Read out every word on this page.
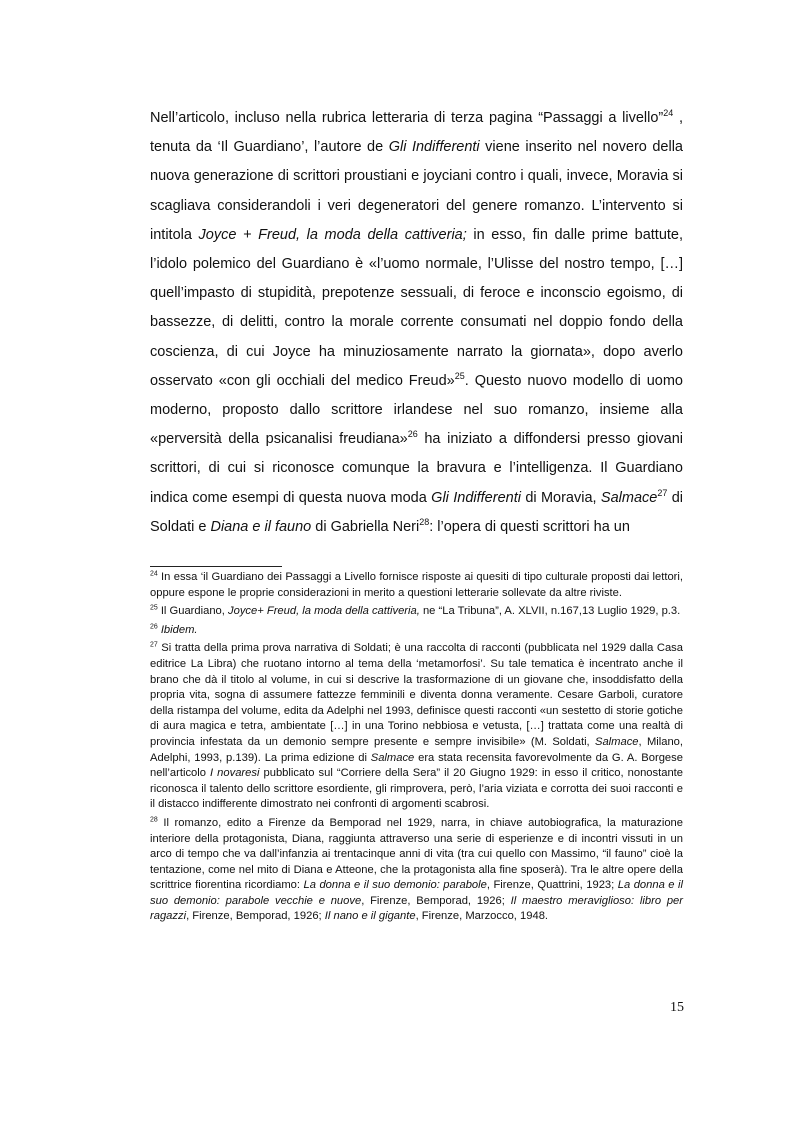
Nell’articolo, incluso nella rubrica letteraria di terza pagina “Passaggi a livello”$^{24}$ , tenuta da ‘Il Guardiano’, l’autore de Gli Indifferenti viene inserito nel novero della nuova generazione di scrittori proustiani e joyciani contro i quali, invece, Moravia si scagliava considerandoli i veri degeneratori del genere romanzo. L’intervento si intitola Joyce + Freud, la moda della cattiveria; in esso, fin dalle prime battute, l’idolo polemico del Guardiano è «l’uomo normale, l’Ulisse del nostro tempo, […] quell’impasto di stupidità, prepotenze sessuali, di feroce e inconscio egoismo, di bassezze, di delitti, contro la morale corrente consumati nel doppio fondo della coscienza, di cui Joyce ha minuziosamente narrato la giornata», dopo averlo osservato «con gli occhiali del medico Freud»$^{25}$. Questo nuovo modello di uomo moderno, proposto dallo scrittore irlandese nel suo romanzo, insieme alla «perversità della psicanalisi freudiana»$^{26}$ ha iniziato a diffondersi presso giovani scrittori, di cui si riconosce comunque la bravura e l’intelligenza. Il Guardiano indica come esempi di questa nuova moda Gli Indifferenti di Moravia, Salmace$^{27}$ di Soldati e Diana e il fauno di Gabriella Neri$^{28}$: l’opera di questi scrittori ha un

$^{24}$ In essa ‘il Guardiano dei Passaggi a Livello fornisce risposte ai quesiti di tipo culturale proposti dai lettori, oppure espone le proprie considerazioni in merito a questioni letterarie sollevate da altre riviste.

$^{25}$ Il Guardiano, Joyce+ Freud, la moda della cattiveria, ne “La Tribuna”, A. XLVII, n.167,13 Luglio 1929, p.3.

$^{26}$ Ibidem.

$^{27}$ Si tratta della prima prova narrativa di Soldati; è una raccolta di racconti (pubblicata nel 1929 dalla Casa editrice La Libra) che ruotano intorno al tema della ‘metamorfosi’. Su tale tematica è incentrato anche il brano che dà il titolo al volume, in cui si descrive la trasformazione di un giovane che, insoddisfatto della propria vita, sogna di assumere fattezze femminili e diventa donna veramente. Cesare Garboli, curatore della ristampa del volume, edita da Adelphi nel 1993, definisce questi racconti «un sestetto di storie gotiche di aura magica e tetra, ambientate […] in una Torino nebbiosa e vetusta, […] trattata come una realtà di provincia infestata da un demonio sempre presente e sempre invisibile» (M. Soldati, Salmace, Milano, Adelphi, 1993, p.139). La prima edizione di Salmace era stata recensita favorevolmente da G. A. Borgese nell’articolo I novaresi pubblicato sul “Corriere della Sera” il 20 Giugno 1929: in esso il critico, nonostante riconosca il talento dello scrittore esordiente, gli rimprovera, però, l’aria viziata e corrotta dei suoi racconti e il distacco indifferente dimostrato nei confronti di argomenti scabrosi.

$^{28}$ Il romanzo, edito a Firenze da Bemporad nel 1929, narra, in chiave autobiografica, la maturazione interiore della protagonista, Diana, raggiunta attraverso una serie di esperienze e di incontri vissuti in un arco di tempo che va dall’infanzia ai trentacinque anni di vita (tra cui quello con Massimo, “il fauno” cioè la tentazione, come nel mito di Diana e Atteone, che la protagonista alla fine sposerà). Tra le altre opere della scrittrice fiorentina ricordiamo: La donna e il suo demonio: parabole, Firenze, Quattrini, 1923; La donna e il suo demonio: parabole vecchie e nuove, Firenze, Bemporad, 1926; Il maestro meraviglioso: libro per ragazzi, Firenze, Bemporad, 1926; Il nano e il gigante, Firenze, Marzocco, 1948.

15
